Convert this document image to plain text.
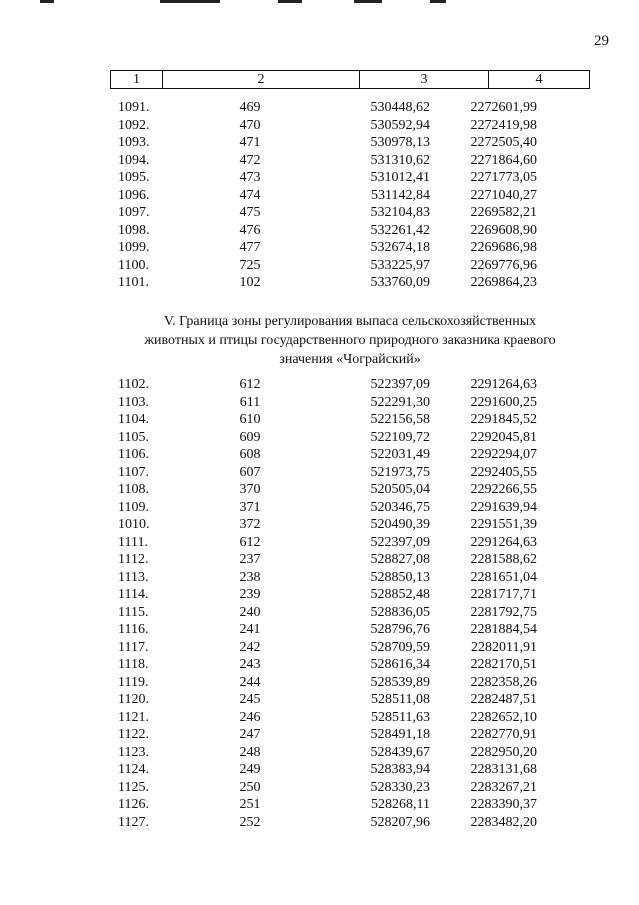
29
1	2	3	4
1091.	469	530448,62	2272601,99
1092.	470	530592,94	2272419,98
1093.	471	530978,13	2272505,40
1094.	472	531310,62	2271864,60
1095.	473	531012,41	2271773,05
1096.	474	531142,84	2271040,27
1097.	475	532104,83	2269582,21
1098.	476	532261,42	2269608,90
1099.	477	532674,18	2269686,98
1100.	725	533225,97	2269776,96
1101.	102	533760,09	2269864,23
V. Граница зоны регулирования выпаса сельскохозяйственных
животных и птицы государственного природного заказника краевого
значения «Чограйский»
1102.	612	522397,09	2291264,63
1103.	611	522291,30	2291600,25
1104.	610	522156,58	2291845,52
1105.	609	522109,72	2292045,81
1106.	608	522031,49	2292294,07
1107.	607	521973,75	2292405,55
1108.	370	520505,04	2292266,55
1109.	371	520346,75	2291639,94
1010.	372	520490,39	2291551,39
1111.	612	522397,09	2291264,63
1112.	237	528827,08	2281588,62
1113.	238	528850,13	2281651,04
1114.	239	528852,48	2281717,71
1115.	240	528836,05	2281792,75
1116.	241	528796,76	2281884,54
1117.	242	528709,59	2282011,91
1118.	243	528616,34	2282170,51
1119.	244	528539,89	2282358,26
1120.	245	528511,08	2282487,51
1121.	246	528511,63	2282652,10
1122.	247	528491,18	2282770,91
1123.	248	528439,67	2282950,20
1124.	249	528383,94	2283131,68
1125.	250	528330,23	2283267,21
1126.	251	528268,11	2283390,37
1127.	252	528207,96	2283482,20
